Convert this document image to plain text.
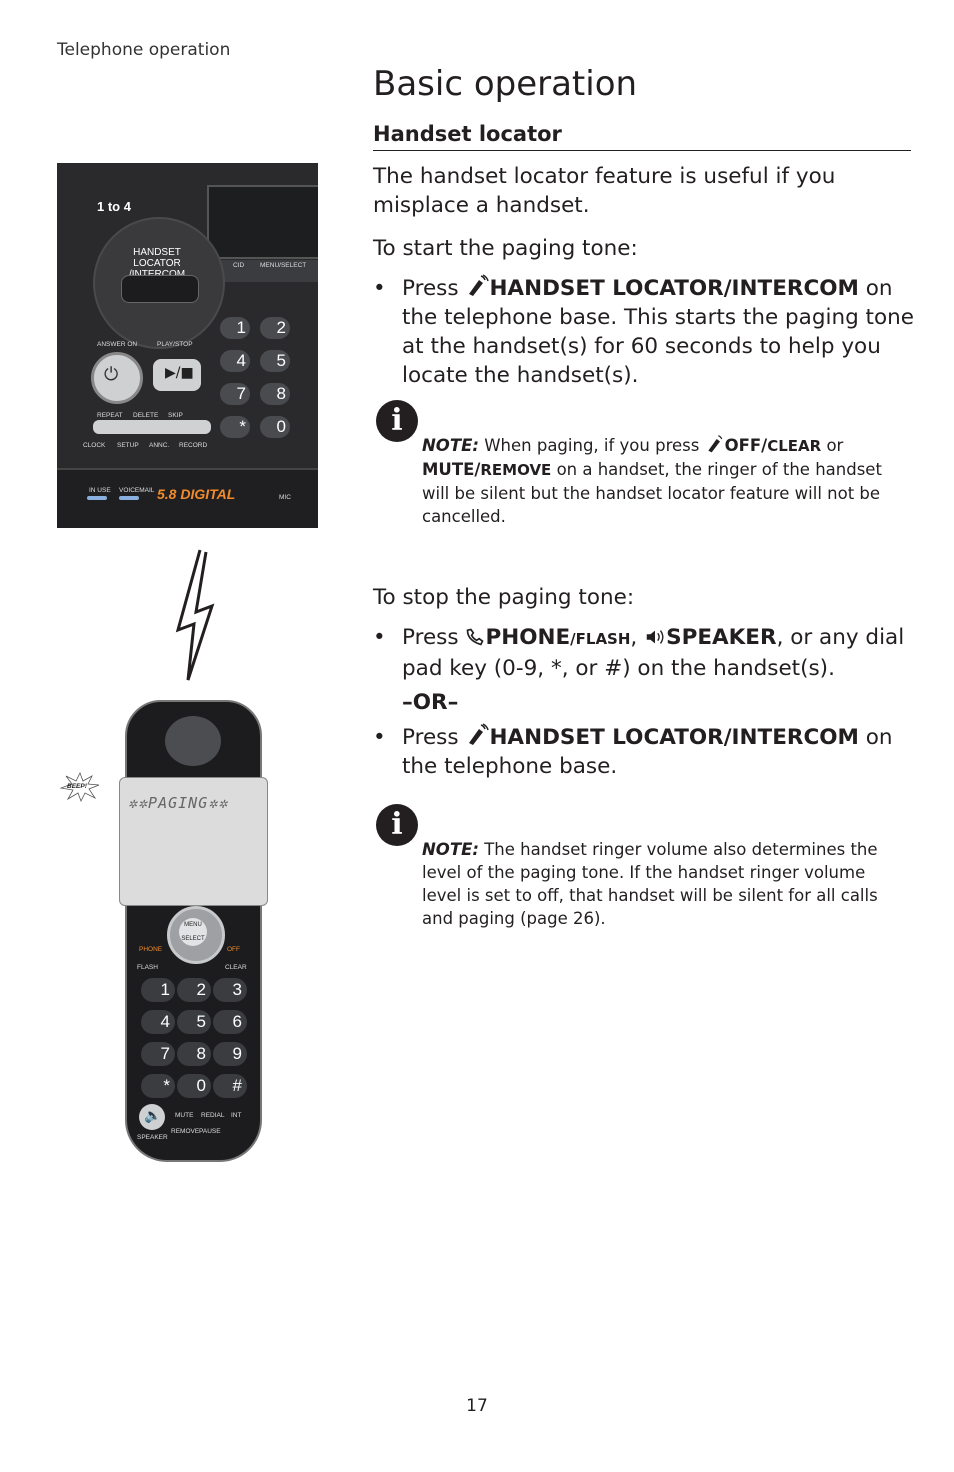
Telephone operation
Basic operation
Handset locator
The handset locator feature is useful if you misplace a handset.
To start the paging tone:
• Press HANDSET LOCATOR/INTERCOM on the telephone base. This starts the paging tone at the handset(s) for 60 seconds to help you locate the handset(s).
i
NOTE: When paging, if you press OFF/CLEAR or MUTE/REMOVE on a handset, the ringer of the handset will be silent but the handset locator feature will not be cancelled.
To stop the paging tone:
• Press PHONE/FLASH, SPEAKER, or any dial pad key (0-9, *, or #) on the handset(s).
–OR–
• Press HANDSET LOCATOR/INTERCOM on the telephone base.
i
NOTE: The handset ringer volume also determines the level of the paging tone. If the handset ringer volume level is set to off, that handset will be silent for all calls and paging (page 26).
1 to 4
CID MENU/SELECT
HANDSET LOCATOR
ANSWER ON	PLAY/STOP
⏻	▶/■
REPEAT DELETE SKIP
CLOCK SETUP ANNC. RECORD
1	2
4	5
7	8
*	0
IN USE VOICEMAIL 5.8 DIGITAL	MIC
BEEP!
MENU
SELECT
PHONE
FLASH
OFF
CLEAR
1	2	3
4	5	6
7	8	9
*	0	#
🔈 MUTE REDIAL INT
SPEAKER
REMOVE PAUSE
✲✲PAGING✲✲
17
